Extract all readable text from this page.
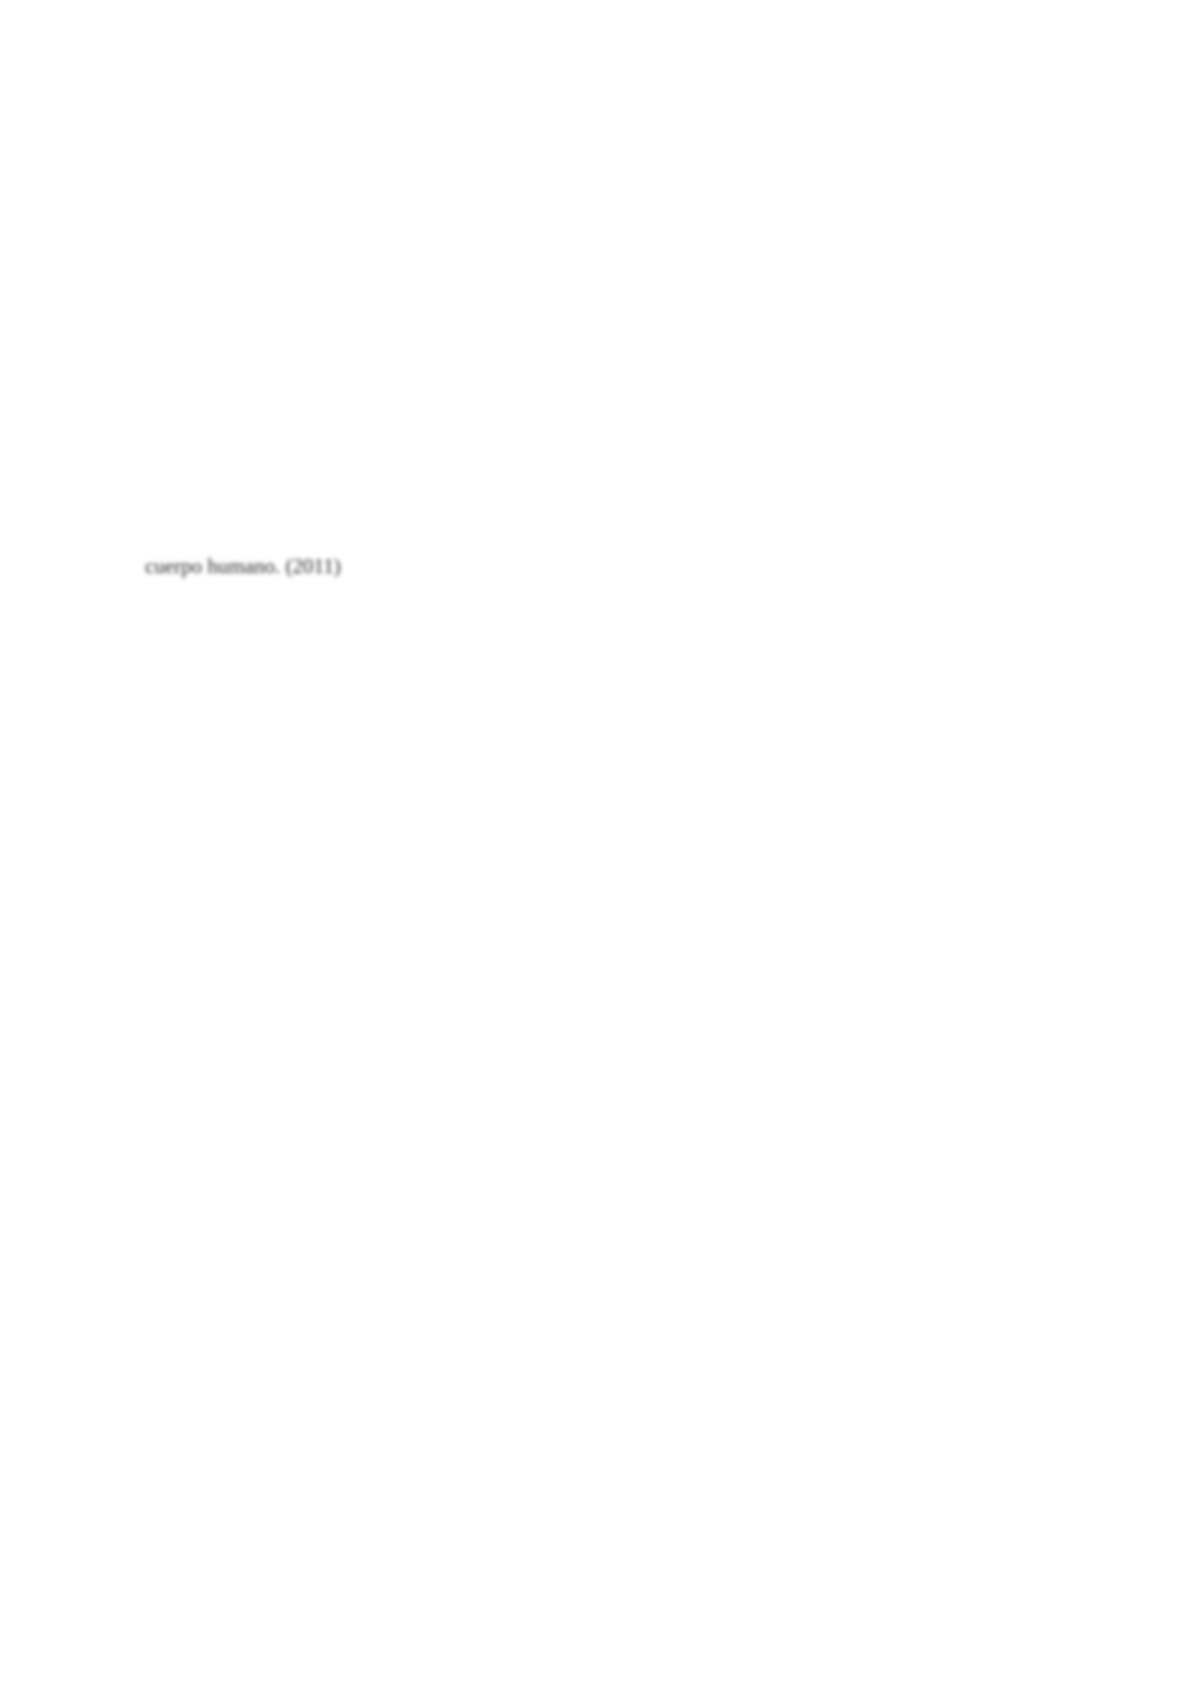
cuerpo humano. (2011)
